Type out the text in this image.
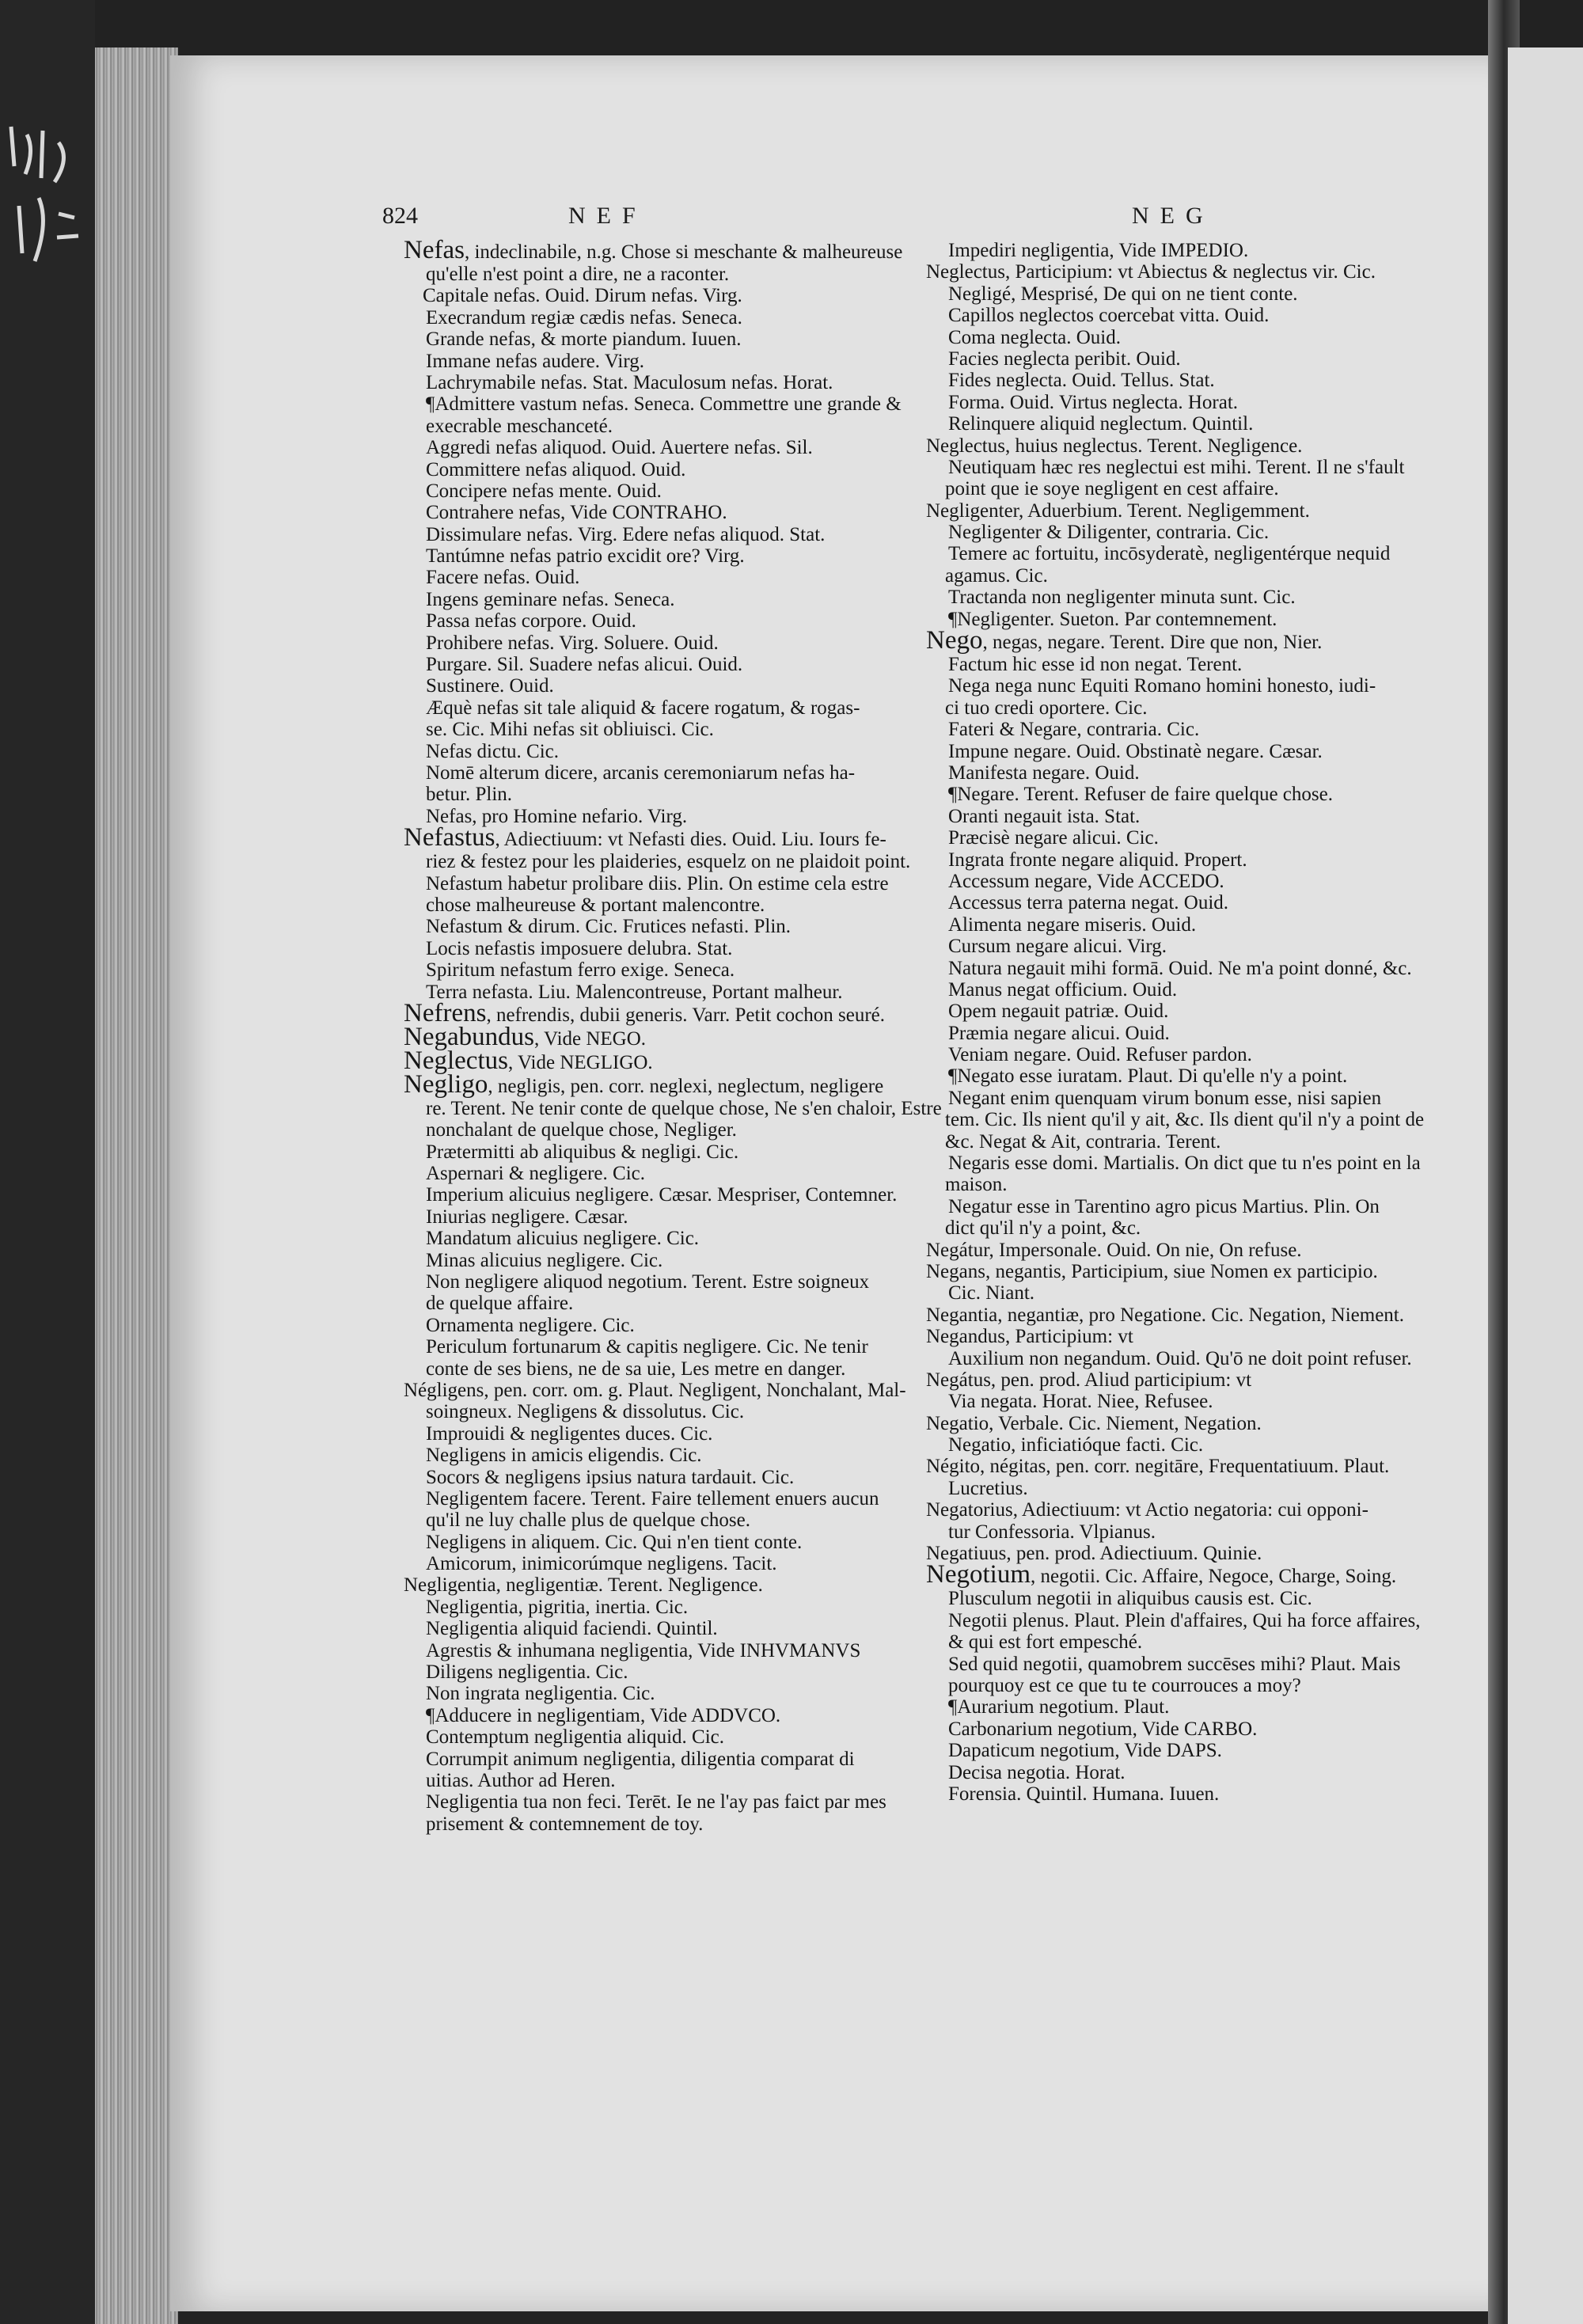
824	NEF	NEG
Nefas, indeclinabile, n.g. Chose si meschante & malheureuse
qu'elle n'est point a dire, ne a raconter.
Capitale nefas. Ouid. Dirum nefas. Virg.
Execrandum regiæ cædis nefas. Seneca.
Grande nefas, & morte piandum. Iuuen.
Immane nefas audere. Virg.
Lachrymabile nefas. Stat. Maculosum nefas. Horat.
¶Admittere vastum nefas. Seneca. Commettre une grande &
execrable meschanceté.
Aggredi nefas aliquod. Ouid. Auertere nefas. Sil.
Committere nefas aliquod. Ouid.
Concipere nefas mente. Ouid.
Contrahere nefas, Vide CONTRAHO.
Dissimulare nefas. Virg. Edere nefas aliquod. Stat.
Tantúmne nefas patrio excidit ore? Virg.
Facere nefas. Ouid.
Ingens geminare nefas. Seneca.
Passa nefas corpore. Ouid.
Prohibere nefas. Virg. Soluere. Ouid.
Purgare. Sil. Suadere nefas alicui. Ouid.
Sustinere. Ouid.
Æquè nefas sit tale aliquid & facere rogatum, & rogas-
se. Cic. Mihi nefas sit obliuisci. Cic.
Nefas dictu. Cic.
Nomē alterum dicere, arcanis ceremoniarum nefas ha-
betur. Plin.
Nefas, pro Homine nefario. Virg.
Nefastus, Adiectiuum: vt Nefasti dies. Ouid. Liu. Iours fe-
riez & festez pour les plaideries, esquelz on ne plaidoit point.
Nefastum habetur prolibare diis. Plin. On estime cela estre
chose malheureuse & portant malencontre.
Nefastum & dirum. Cic. Frutices nefasti. Plin.
Locis nefastis imposuere delubra. Stat.
Spiritum nefastum ferro exige. Seneca.
Terra nefasta. Liu. Malencontreuse, Portant malheur.
Nefrens, nefrendis, dubii generis. Varr. Petit cochon seuré.
Negabundus, Vide NEGO.
Neglectus, Vide NEGLIGO.
Negligo, negligis, pen. corr. neglexi, neglectum, negligere
re. Terent. Ne tenir conte de quelque chose, Ne s'en chaloir, Estre
nonchalant de quelque chose, Negliger.
Prætermitti ab aliquibus & negligi. Cic.
Aspernari & negligere. Cic.
Imperium alicuius negligere. Cæsar. Mespriser, Contemner.
Iniurias negligere. Cæsar.
Mandatum alicuius negligere. Cic.
Minas alicuius negligere. Cic.
Non negligere aliquod negotium. Terent. Estre soigneux
de quelque affaire.
Ornamenta negligere. Cic.
Periculum fortunarum & capitis negligere. Cic. Ne tenir
conte de ses biens, ne de sa uie, Les metre en danger.
Négligens, pen. corr. om. g. Plaut. Negligent, Nonchalant, Mal-
soingneux. Negligens & dissolutus. Cic.
Improuidi & negligentes duces. Cic.
Negligens in amicis eligendis. Cic.
Socors & negligens ipsius natura tardauit. Cic.
Negligentem facere. Terent. Faire tellement enuers aucun
qu'il ne luy challe plus de quelque chose.
Negligens in aliquem. Cic. Qui n'en tient conte.
Amicorum, inimicorúmque negligens. Tacit.
Negligentia, negligentiæ. Terent. Negligence.
Negligentia, pigritia, inertia. Cic.
Negligentia aliquid faciendi. Quintil.
Agrestis & inhumana negligentia, Vide INHVMANVS
Diligens negligentia. Cic.
Non ingrata negligentia. Cic.
¶Adducere in negligentiam, Vide ADDVCO.
Contemptum negligentia aliquid. Cic.
Corrumpit animum negligentia, diligentia comparat di
uitias. Author ad Heren.
Negligentia tua non feci. Terēt. Ie ne l'ay pas faict par mes
prisement & contemnement de toy.
Impediri negligentia, Vide IMPEDIO.
Neglectus, Participium: vt Abiectus & neglectus vir. Cic.
Negligé, Mesprisé, De qui on ne tient conte.
Capillos neglectos coercebat vitta. Ouid.
Coma neglecta. Ouid.
Facies neglecta peribit. Ouid.
Fides neglecta. Ouid. Tellus. Stat.
Forma. Ouid. Virtus neglecta. Horat.
Relinquere aliquid neglectum. Quintil.
Neglectus, huius neglectus. Terent. Negligence.
Neutiquam hæc res neglectui est mihi. Terent. Il ne s'fault
point que ie soye negligent en cest affaire.
Negligenter, Aduerbium. Terent. Negligemment.
Negligenter & Diligenter, contraria. Cic.
Temere ac fortuitu, incōsyderatè, negligentérque nequid
agamus. Cic.
Tractanda non negligenter minuta sunt. Cic.
¶Negligenter. Sueton. Par contemnement.
Nego, negas, negare. Terent. Dire que non, Nier.
Factum hic esse id non negat. Terent.
Nega nega nunc Equiti Romano homini honesto, iudi-
ci tuo credi oportere. Cic.
Fateri & Negare, contraria. Cic.
Impune negare. Ouid. Obstinatè negare. Cæsar.
Manifesta negare. Ouid.
¶Negare. Terent. Refuser de faire quelque chose.
Oranti negauit ista. Stat.
Præcisè negare alicui. Cic.
Ingrata fronte negare aliquid. Propert.
Accessum negare, Vide ACCEDO.
Accessus terra paterna negat. Ouid.
Alimenta negare miseris. Ouid.
Cursum negare alicui. Virg.
Natura negauit mihi formā. Ouid. Ne m'a point donné, &c.
Manus negat officium. Ouid.
Opem negauit patriæ. Ouid.
Præmia negare alicui. Ouid.
Veniam negare. Ouid. Refuser pardon.
¶Negato esse iuratam. Plaut. Di qu'elle n'y a point.
Negant enim quenquam virum bonum esse, nisi sapien
tem. Cic. Ils nient qu'il y ait, &c. Ils dient qu'il n'y a point de
&c. Negat & Ait, contraria. Terent.
Negaris esse domi. Martialis. On dict que tu n'es point en la
maison.
Negatur esse in Tarentino agro picus Martius. Plin. On
dict qu'il n'y a point, &c.
Negátur, Impersonale. Ouid. On nie, On refuse.
Negans, negantis, Participium, siue Nomen ex participio.
Cic. Niant.
Negantia, negantiæ, pro Negatione. Cic. Negation, Niement.
Negandus, Participium: vt
Auxilium non negandum. Ouid. Qu'ō ne doit point refuser.
Negátus, pen. prod. Aliud participium: vt
Via negata. Horat. Niee, Refusee.
Negatio, Verbale. Cic. Niement, Negation.
Negatio, inficiatióque facti. Cic.
Négito, négitas, pen. corr. negitāre, Frequentatiuum. Plaut.
Lucretius.
Negatorius, Adiectiuum: vt Actio negatoria: cui opponi-
tur Confessoria. Vlpianus.
Negatiuus, pen. prod. Adiectiuum. Quinie.
Negotium, negotii. Cic. Affaire, Negoce, Charge, Soing.
Plusculum negotii in aliquibus causis est. Cic.
Negotii plenus. Plaut. Plein d'affaires, Qui ha force affaires,
& qui est fort empesché.
Sed quid negotii, quamobrem succēses mihi? Plaut. Mais
pourquoy est ce que tu te courrouces a moy?
¶Aurarium negotium. Plaut.
Carbonarium negotium, Vide CARBO.
Dapaticum negotium, Vide DAPS.
Decisa negotia. Horat.
Forensia. Quintil. Humana. Iuuen.
